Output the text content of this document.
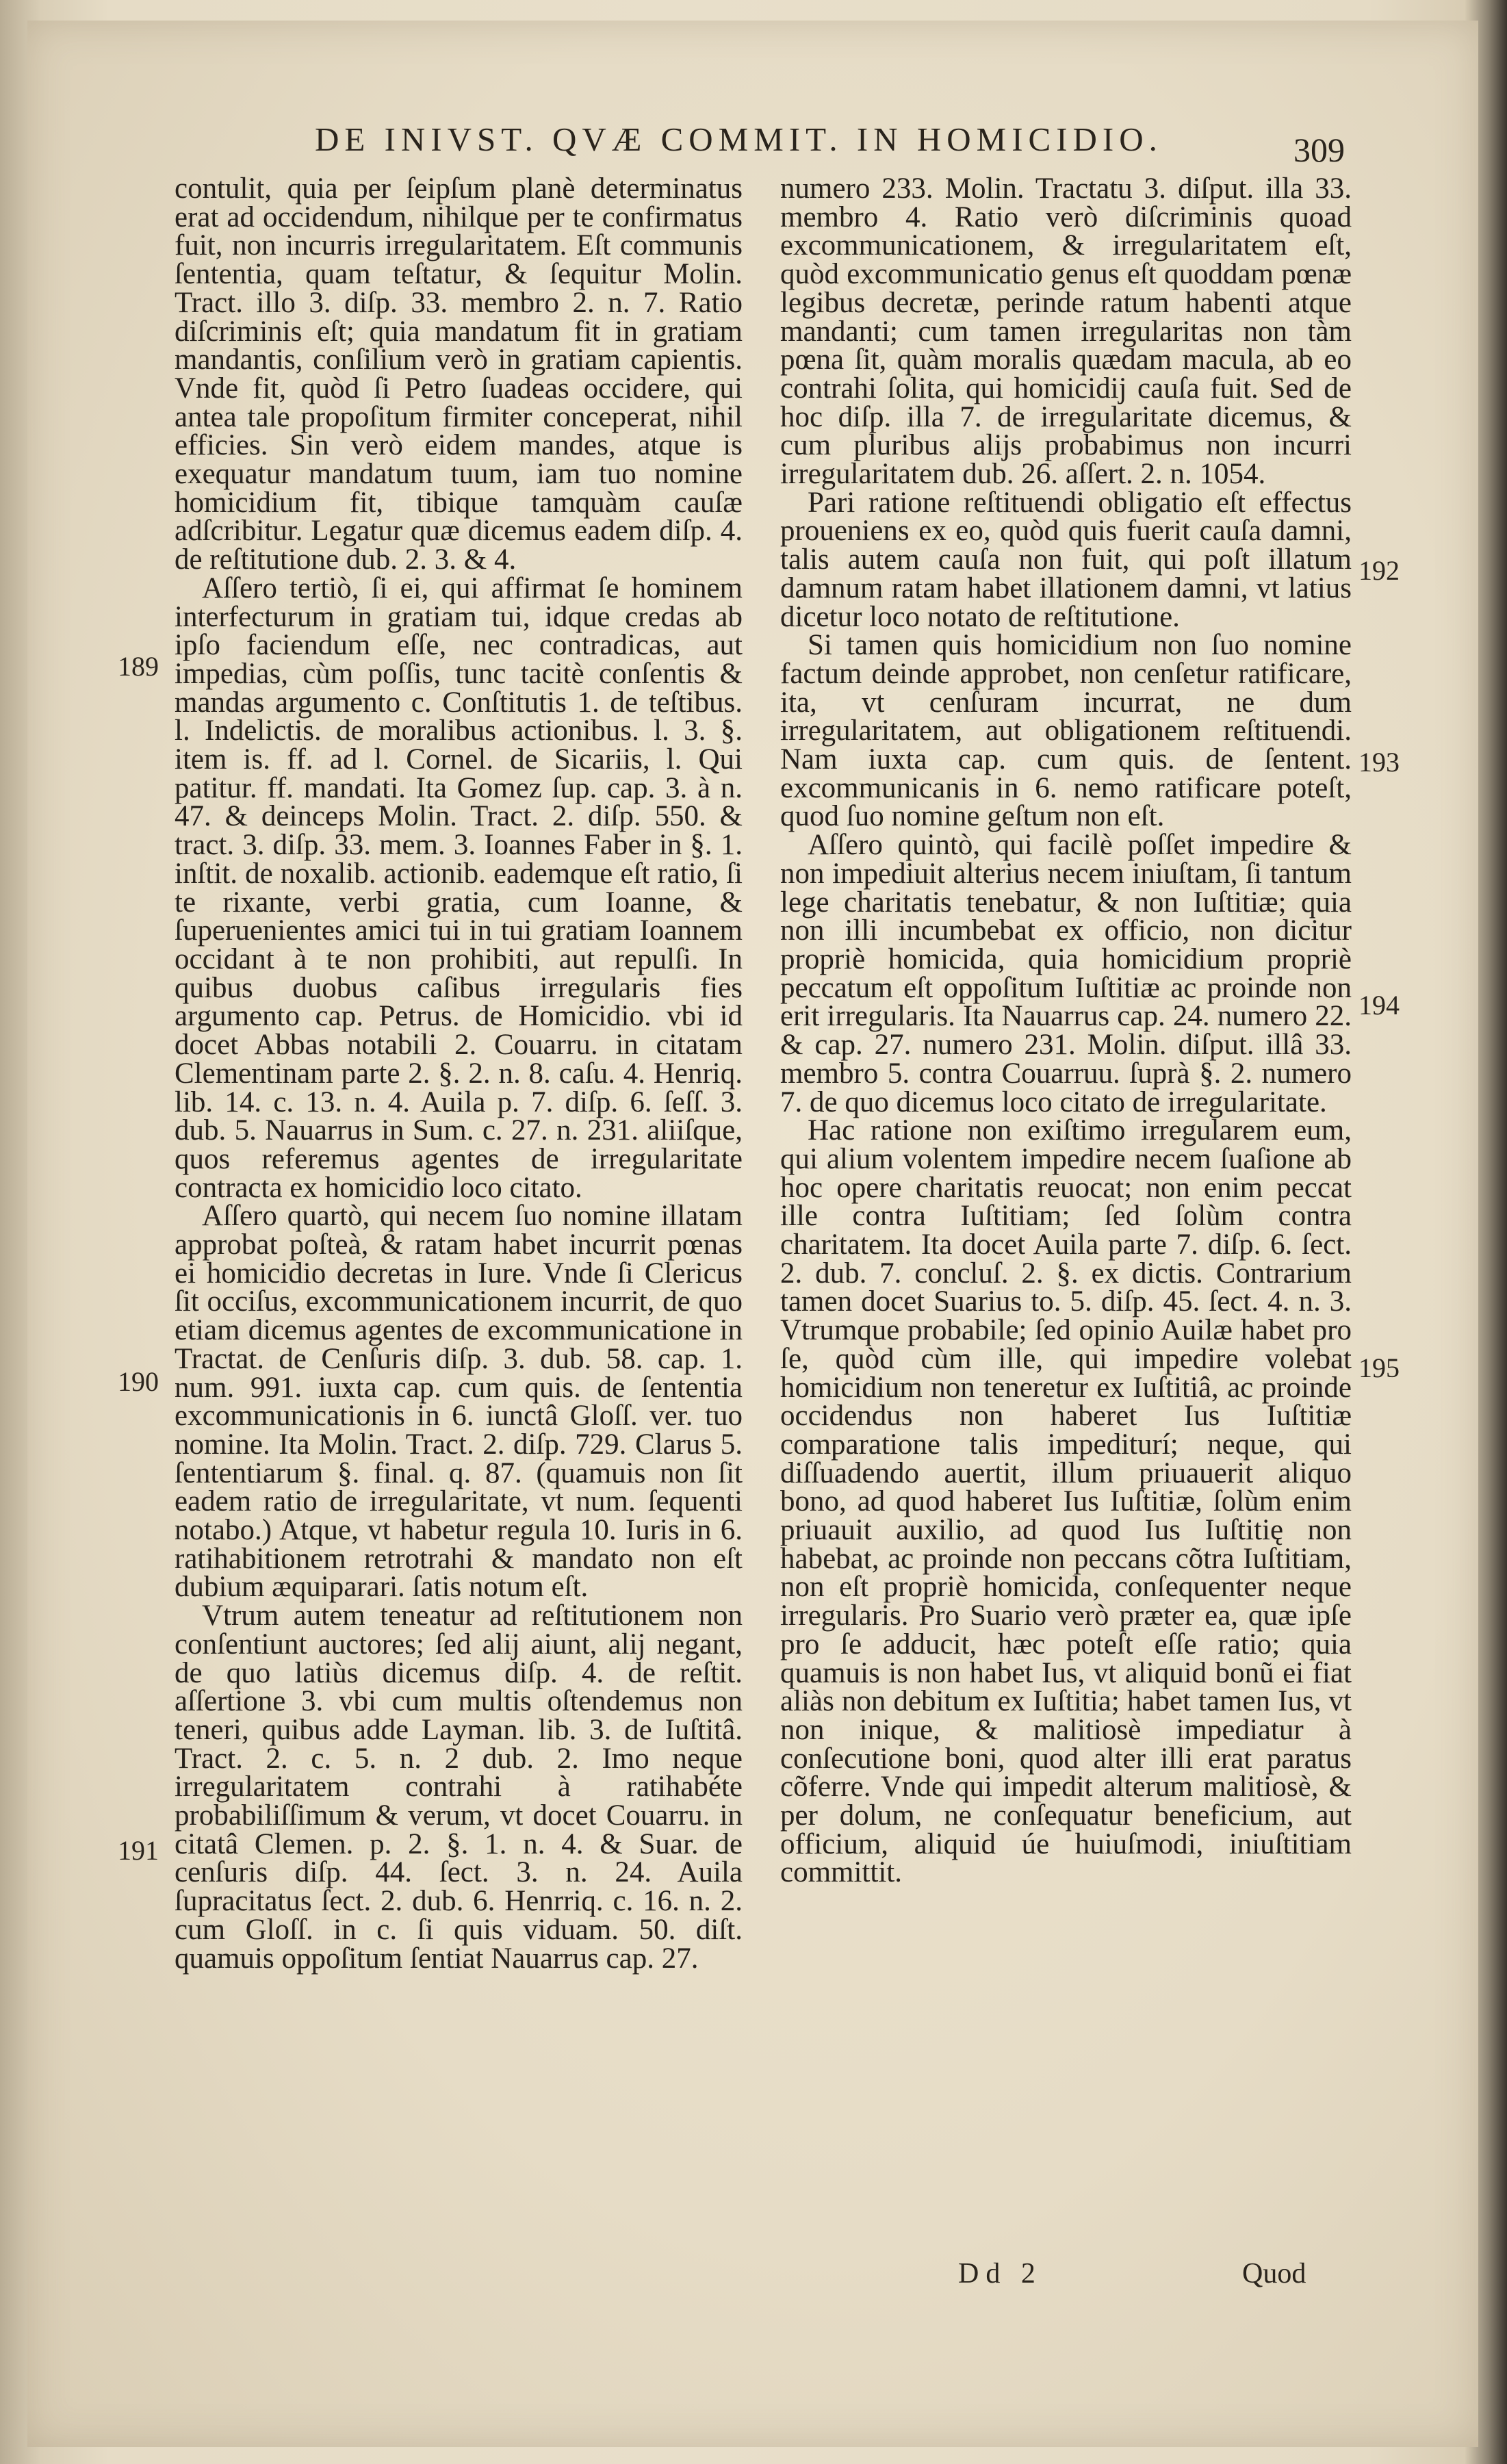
DE INIVST. QVÆ COMMIT. IN HOMICIDIO.	309

contulit, quia per ſeipſum planè determinatus erat ad occidendum, nihilque per te confirmatus fuit, non incurris irregularitatem. Eſt communis ſententia, quam teſtatur, & ſequitur Molin. Tract. illo 3. diſp. 33. membro 2. n. 7. Ratio diſcriminis eſt; quia mandatum fit in gratiam mandantis, conſilium verò in gratiam capientis. Vnde fit, quòd ſi Petro ſuadeas occidere, qui antea tale propoſitum firmiter conceperat, nihil efficies. Sin verò eidem mandes, atque is exequatur mandatum tuum, iam tuo nomine homicidium fit, tibique tamquàm cauſæ adſcribitur. Legatur quæ dicemus eadem diſp. 4. de reſtitutione dub. 2. 3. & 4.

Aſſero tertiò, ſi ei, qui affirmat ſe hominem interfecturum in gratiam tui, idque credas ab ipſo faciendum eſſe, nec contradicas, aut impedias, cùm poſſis, tunc tacitè conſentis & mandas argumento c. Conſtitutis 1. de teſtibus. l. Indelictis. de moralibus actionibus. l. 3. §. item is. ff. ad l. Cornel. de Sicariis, l. Qui patitur. ff. mandati. Ita Gomez ſup. cap. 3. à n. 47. & deinceps Molin. Tract. 2. diſp. 550. & tract. 3. diſp. 33. mem. 3. Ioannes Faber in §. 1. inſtit. de noxalib. actionib. eademque eſt ratio, ſi te rixante, verbi gratia, cum Ioanne, & ſuperuenientes amici tui in tui gratiam Ioannem occidant à te non prohibiti, aut repulſi. In quibus duobus caſibus irregularis fies argumento cap. Petrus. de Homicidio. vbi id docet Abbas notabili 2. Couarru. in citatam Clementinam parte 2. §. 2. n. 8. caſu. 4. Henriq. lib. 14. c. 13. n. 4. Auila p. 7. diſp. 6. ſeſſ. 3. dub. 5. Nauarrus in Sum. c. 27. n. 231. aliiſque, quos referemus agentes de irregularitate contracta ex homicidio loco citato.

Aſſero quartò, qui necem ſuo nomine illatam approbat poſteà, & ratam habet incurrit pœnas ei homicidio decretas in Iure. Vnde ſi Clericus ſit occiſus, excommunicationem incurrit, de quo etiam dicemus agentes de excommunicatione in Tractat. de Cenſuris diſp. 3. dub. 58. cap. 1. num. 991. iuxta cap. cum quis. de ſententia excommunicationis in 6. iunctâ Gloſſ. ver. tuo nomine. Ita Molin. Tract. 2. diſp. 729. Clarus 5. ſententiarum §. final. q. 87. (quamuis non ſit eadem ratio de irregularitate, vt num. ſequenti notabo.) Atque, vt habetur regula 10. Iuris in 6. ratihabitionem retrotrahi & mandato non eſt dubium æquiparari. ſatis notum eſt.

Vtrum autem teneatur ad reſtitutionem non conſentiunt auctores; ſed alij aiunt, alij negant, de quo latiùs dicemus diſp. 4. de reſtit. aſſertione 3. vbi cum multis oſtendemus non teneri, quibus adde Layman. lib. 3. de Iuſtitâ. Tract. 2. c. 5. n. 2 dub. 2. Imo neque irregularitatem contrahi à ratihabéte probabiliſſimum & verum, vt docet Couarru. in citatâ Clemen. p. 2. §. 1. n. 4. & Suar. de cenſuris diſp. 44. ſect. 3. n. 24. Auila ſupracitatus ſect. 2. dub. 6. Henrriq. c. 16. n. 2. cum Gloſſ. in c. ſi quis viduam. 50. diſt. quamuis oppoſitum ſentiat Nauarrus cap. 27.

numero 233. Molin. Tractatu 3. diſput. illa 33. membro 4. Ratio verò diſcriminis quoad excommunicationem, & irregularitatem eſt, quòd excommunicatio genus eſt quoddam pœnæ legibus decretæ, perinde ratum habenti atque mandanti; cum tamen irregularitas non tàm pœna ſit, quàm moralis quædam macula, ab eo contrahi ſolita, qui homicidij cauſa fuit. Sed de hoc diſp. illa 7. de irregularitate dicemus, & cum pluribus alijs probabimus non incurri irregularitatem dub. 26. aſſert. 2. n. 1054.

Pari ratione reſtituendi obligatio eſt effectus proueniens ex eo, quòd quis fuerit cauſa damni, talis autem cauſa non fuit, qui poſt illatum damnum ratam habet illationem damni, vt latius dicetur loco notato de reſtitutione.

Si tamen quis homicidium non ſuo nomine factum deinde approbet, non cenſetur ratificare, ita, vt cenſuram incurrat, ne dum irregularitatem, aut obligationem reſtituendi. Nam iuxta cap. cum quis. de ſentent. excommunicanis in 6. nemo ratificare poteſt, quod ſuo nomine geſtum non eſt.

Aſſero quintò, qui facilè poſſet impedire & non impediuit alterius necem iniuſtam, ſi tantum lege charitatis tenebatur, & non Iuſtitiæ; quia non illi incumbebat ex officio, non dicitur propriè homicida, quia homicidium propriè peccatum eſt oppoſitum Iuſtitiæ ac proinde non erit irregularis. Ita Nauarrus cap. 24. numero 22. & cap. 27. numero 231. Molin. diſput. illâ 33. membro 5. contra Couarruu. ſuprà §. 2. numero 7. de quo dicemus loco citato de irregularitate.

Hac ratione non exiſtimo irregularem eum, qui alium volentem impedire necem ſuaſione ab hoc opere charitatis reuocat; non enim peccat ille contra Iuſtitiam; ſed ſolùm contra charitatem. Ita docet Auila parte 7. diſp. 6. ſect. 2. dub. 7. concluſ. 2. §. ex dictis. Contrarium tamen docet Suarius to. 5. diſp. 45. ſect. 4. n. 3. Vtrumque probabile; ſed opinio Auilæ habet pro ſe, quòd cùm ille, qui impedire volebat homicidium non teneretur ex Iuſtitiâ, ac proinde occidendus non haberet Ius Iuſtitiæ comparatione talis impediturí; neque, qui diſſuadendo auertit, illum priuauerit aliquo bono, ad quod haberet Ius Iuſtitiæ, ſolùm enim priuauit auxilio, ad quod Ius Iuſtitię non habebat, ac proinde non peccans cõtra Iuſtitiam, non eſt propriè homicida, conſequenter neque irregularis. Pro Suario verò præter ea, quæ ipſe pro ſe adducit, hæc poteſt eſſe ratio; quia quamuis is non habet Ius, vt aliquid bonũ ei fiat aliàs non debitum ex Iuſtitia; habet tamen Ius, vt non inique, & malitiosè impediatur à conſecutione boni, quod alter illi erat paratus cõferre. Vnde qui impedit alterum malitiosè, & per dolum, ne conſequatur beneficium, aut officium, aliquid úe huiuſmodi, iniuſtitiam committit.

189
190
191
192
193
194
195
Dd 2	Quod
